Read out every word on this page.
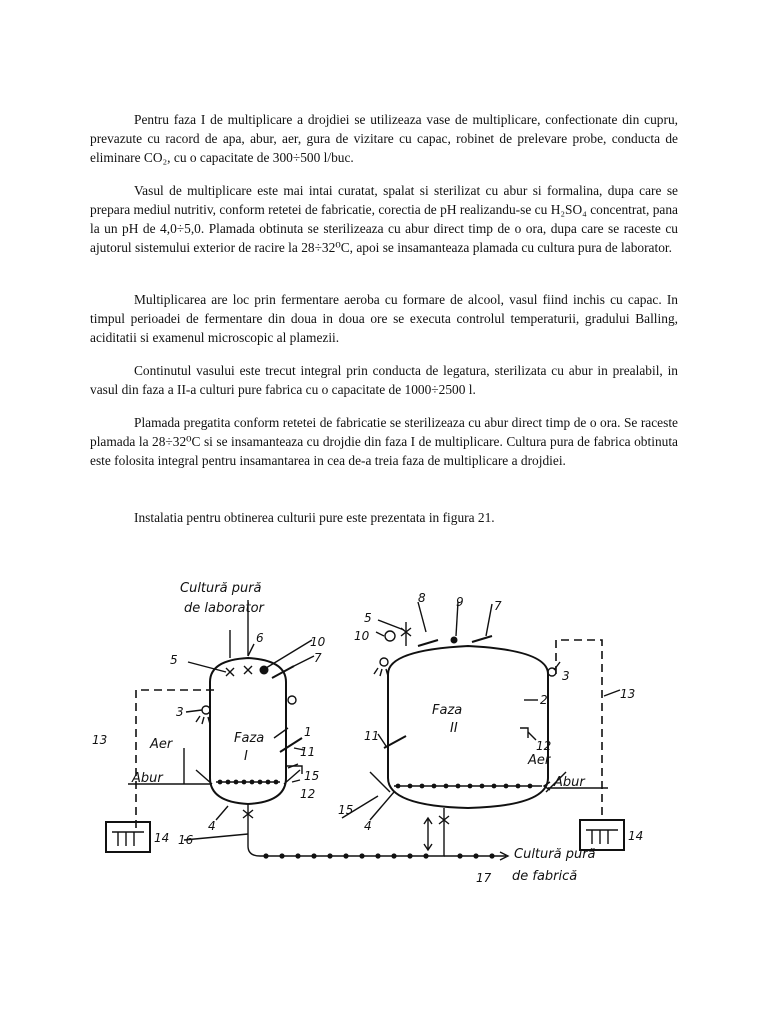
Pentru faza I de multiplicare a drojdiei se utilizeaza vase de multiplicare, confectionate din cupru, prevazute cu racord de apa, abur, aer, gura de vizitare cu capac, robinet de prelevare probe, conducta de eliminare CO₂, cu o capacitate de 300÷500 l/buc.

Vasul de multiplicare este mai intai curatat, spalat si sterilizat cu abur si formalina, dupa care se prepara mediul nutritiv, conform retetei de fabricatie, corectia de pH realizandu-se cu H₂SO₄ concentrat, pana la un pH de 4,0÷5,0. Plamada obtinuta se sterilizeaza cu abur direct timp de o ora, dupa care se raceste cu ajutorul sistemului exterior de racire la 28÷32⁰C, apoi se insamanteaza plamada cu cultura pura de laborator.

Multiplicarea are loc prin fermentare aeroba cu formare de alcool, vasul fiind inchis cu capac. In timpul perioadei de fermentare din doua in doua ore se executa controlul temperaturii, gradului Balling, aciditatii si examenul microscopic al plamezii.

Continutul vasului este trecut integral prin conducta de legatura, sterilizata cu abur in prealabil, in vasul din faza a II-a culturi pure fabrica cu o capacitate de 1000÷2500 l.

Plamada pregatita conform retetei de fabricatie se sterilizeaza cu abur direct timp de o ora. Se raceste plamada la 28÷32⁰C si se insamanteaza cu drojdie din faza I de multiplicare. Cultura pura de fabrica obtinuta este folosita integral pentru insamantarea in cea de-a treia faza de multiplicare a drojdiei.

Instalatia pentru obtinerea culturii pure este prezentata in figura 21.

Cultură pură
de laborator
Faza
I
Aer
Abur
Faza
II
Aer
Abur
Cultură pură
de fabrică
1
2
3
3
4	4
5
5
6
7
7
8	9
10 10
11
11
12
12
13
13
14	14
15
15
16
17
